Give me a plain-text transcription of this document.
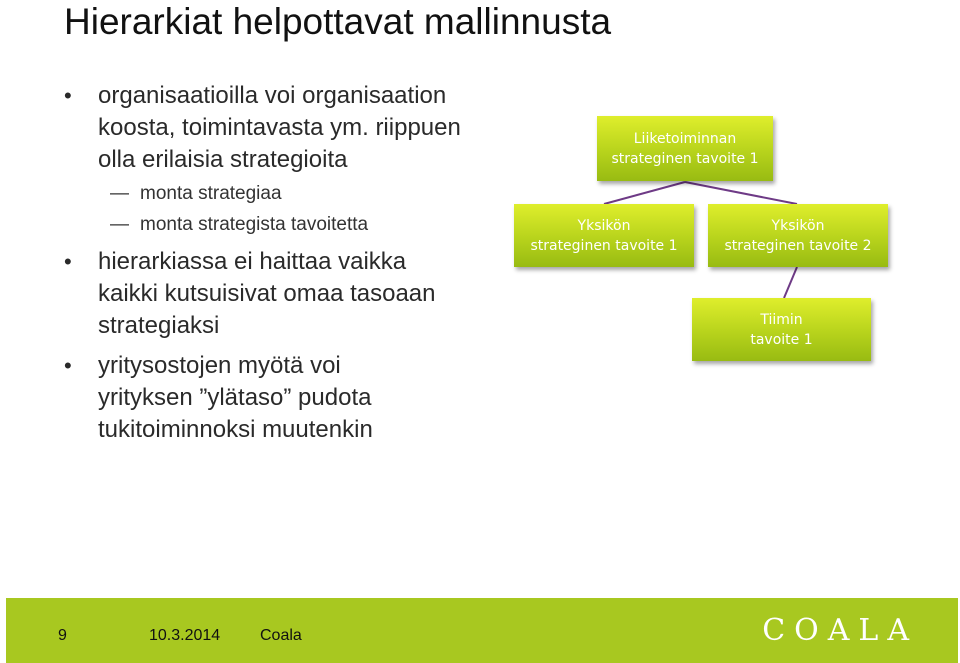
Hierarkiat helpottavat mallinnusta
• organisaatioilla voi organisaation koosta, toimintavasta ym. riippuen olla erilaisia strategioita
— monta strategiaa
— monta strategista tavoitetta
• hierarkiassa ei haittaa vaikka kaikki kutsuisivat omaa tasoaan strategiaksi
• yritysostojen myötä voi yrityksen ”ylätaso” pudota tukitoiminnoksi muutenkin
Liiketoiminnan
strateginen tavoite 1
Yksikön
strateginen tavoite 1
Yksikön
strateginen tavoite 2
Tiimin
tavoite 1
9	10.3.2014 Coala	COALA
